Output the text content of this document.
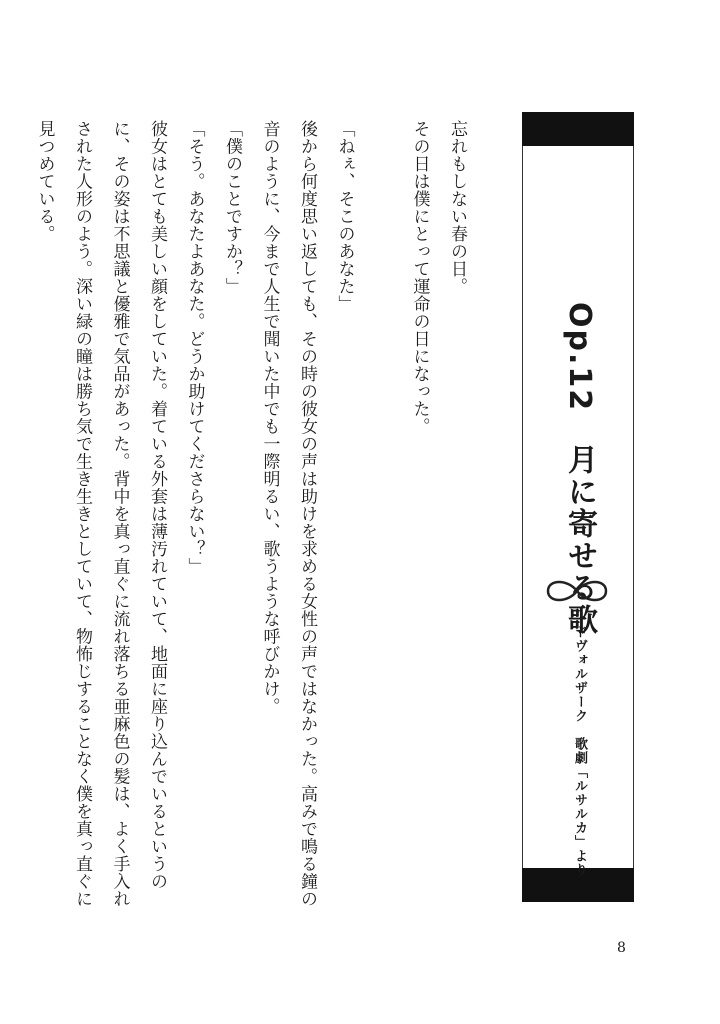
Op.12　月に寄せる歌
ドヴォルザーク　歌劇「ルサルカ」より

忘れもしない春の日。

その日は僕にとって運命の日になった。

「ねぇ、そこのあなた」

後から何度思い返しても、その時の彼女の声は助けを求める女性の声ではなかった。高みで鳴る鐘の音のように、今まで人生で聞いた中でも一際明るい、歌うような呼びかけ。

「僕のことですか？」

「そう。あなたよあなた。どうか助けてくださらない？」

彼女はとても美しい顔をしていた。着ている外套は薄汚れていて、地面に座り込んでいるというのに、その姿は不思議と優雅で気品があった。背中を真っ直ぐに流れ落ちる亜麻色の髪は、よく手入れされた人形のよう。深い緑の瞳は勝ち気で生き生きとしていて、物怖じすることなく僕を真っ直ぐに見つめている。

8
